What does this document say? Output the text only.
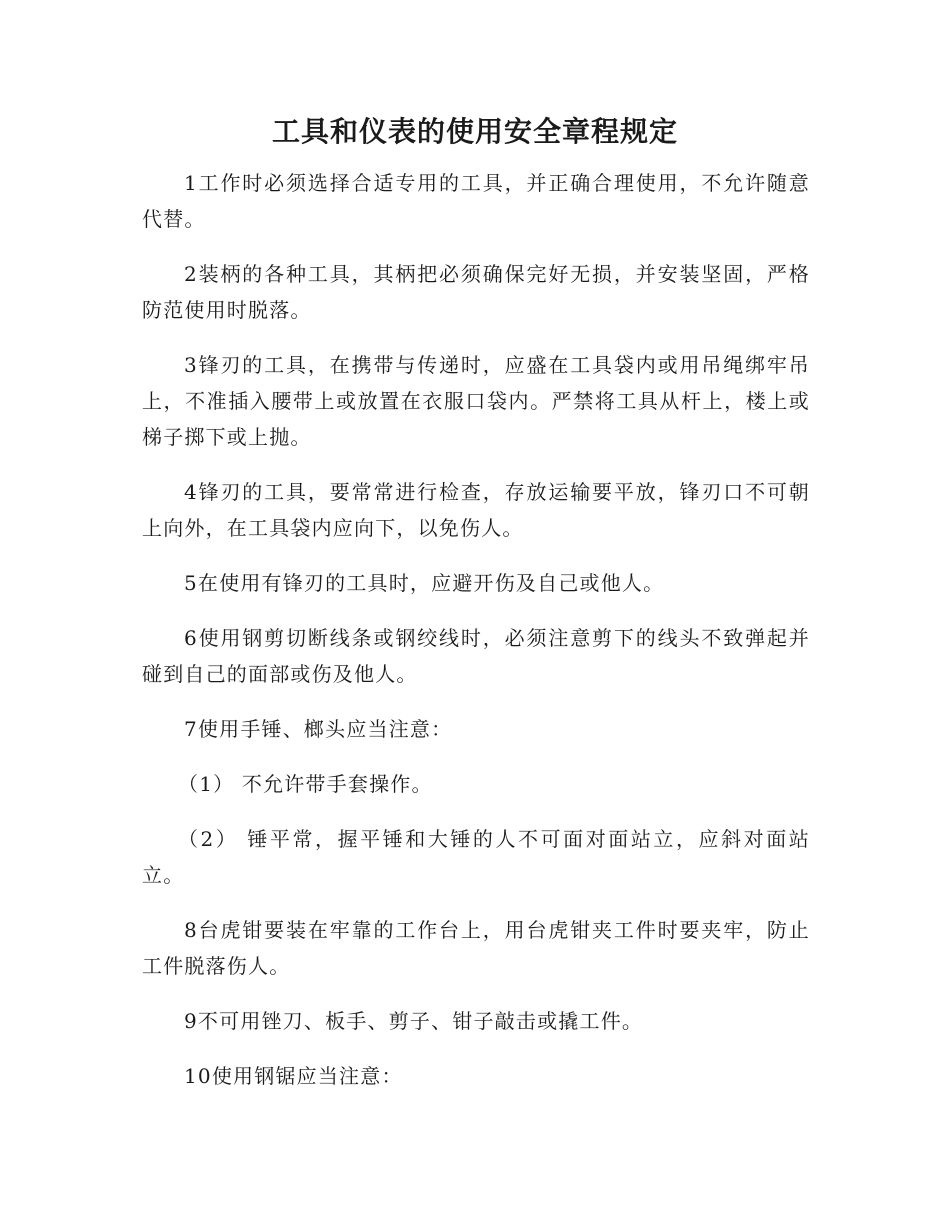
工具和仪表的使用安全章程规定

1工作时必须选择合适专用的工具，并正确合理使用，不允许随意代替。

2装柄的各种工具，其柄把必须确保完好无损，并安装坚固，严格防范使用时脱落。

3锋刃的工具，在携带与传递时，应盛在工具袋内或用吊绳绑牢吊上，不准插入腰带上或放置在衣服口袋内。严禁将工具从杆上，楼上或梯子掷下或上抛。

4锋刃的工具，要常常进行检查，存放运输要平放，锋刃口不可朝上向外，在工具袋内应向下，以免伤人。

5在使用有锋刃的工具时，应避开伤及自己或他人。

6使用钢剪切断线条或钢绞线时，必须注意剪下的线头不致弹起并碰到自己的面部或伤及他人。

7使用手锤、榔头应当注意：

（1） 不允许带手套操作。

（2） 锤平常，握平锤和大锤的人不可面对面站立，应斜对面站立。

8台虎钳要装在牢靠的工作台上，用台虎钳夹工件时要夹牢，防止工件脱落伤人。

9不可用锉刀、板手、剪子、钳子敲击或撬工件。

10使用钢锯应当注意：
